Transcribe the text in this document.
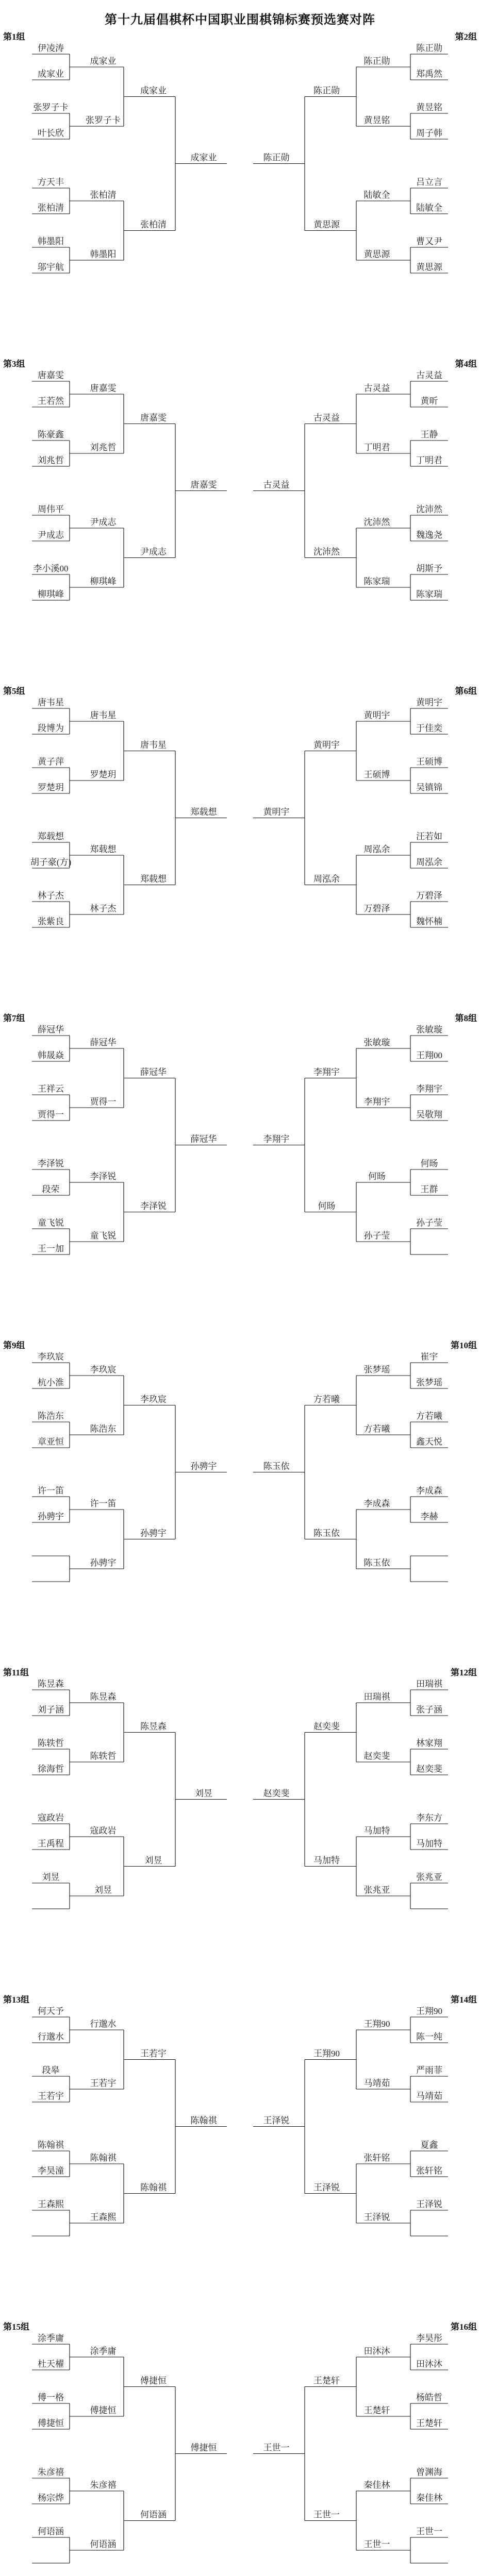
第十九届倡棋杯中国职业围棋锦标赛预选赛对阵
第1组
伊凌涛
成家业
张罗子卡
叶长欣
方天丰
张柏清
韩墨阳
邬宇航
成家业
张罗子卡
张柏清
韩墨阳
成家业
张柏清
成家业
第2组
陈正勋
郑禹然
黄昱铭
周子韩
吕立言
陆敏全
曹又尹
黄思源
陈正勋
黄昱铭
陆敏全
黄思源
陈正勋
黄思源
陈正勋
第3组
唐嘉雯
王若然
陈豪鑫
刘兆哲
周伟平
尹成志
李小溪00
柳琪峰
唐嘉雯
刘兆哲
尹成志
柳琪峰
唐嘉雯
尹成志
唐嘉雯
第4组
古灵益
黄昕
王静
丁明君
沈沛然
魏逸尧
胡斯予
陈家瑞
古灵益
丁明君
沈沛然
陈家瑞
古灵益
沈沛然
古灵益
第5组
唐韦星
段博为
黄子萍
罗楚玥
郑载想
胡子豪(方)
林子杰
张紫良
唐韦星
罗楚玥
郑载想
林子杰
唐韦星
郑载想
郑载想
第6组
黄明宇
于佳奕
王硕博
吴镇锦
汪若如
周泓余
万碧泽
魏怀楠
黄明宇
王硕博
周泓余
万碧泽
黄明宇
周泓余
黄明宇
第7组
薛冠华
韩晟焱
王祥云
贾得一
李泽锐
段荣
童飞锐
王一加
薛冠华
贾得一
李泽锐
童飞锐
薛冠华
李泽锐
薛冠华
第8组
张敏璇
王翔00
李翔宇
吴敬翔
何旸
王群
孙子莹
张敏璇
李翔宇
何旸
孙子莹
李翔宇
何旸
李翔宇
第9组
李玖宸
杭小淮
陈浩东
章亚恒
许一笛
孙骋宇
李玖宸
陈浩东
许一笛
孙骋宇
李玖宸
孙骋宇
孙骋宇
第10组
崔宇
张梦瑶
方若曦
鑫天悦
李成森
李赫
张梦瑶
方若曦
李成森
陈玉依
方若曦
陈玉依
陈玉依
第11组
陈昱森
刘子涵
陈轶哲
徐海哲
寇政岩
王禹程
刘昱
陈昱森
陈轶哲
寇政岩
刘昱
陈昱森
刘昱
刘昱
第12组
田瑞祺
张子涵
林家翔
赵奕斐
李东方
马加特
张兆亚
田瑞祺
赵奕斐
马加特
张兆亚
赵奕斐
马加特
赵奕斐
第13组
何天予
行邈水
段皋
王若宇
陈翰祺
李昊潼
王森熙
行邈水
王若宇
陈翰祺
王森熙
王若宇
陈翰祺
陈翰祺
第14组
王翔90
陈一纯
严雨菲
马靖茹
夏鑫
张轩铭
王泽锐
王翔90
马靖茹
张轩铭
王泽锐
王翔90
王泽锐
王泽锐
第15组
涂季庸
杜天櫂
傅一格
傅捷恒
朱彦禧
杨宗烨
何语涵
涂季庸
傅捷恒
朱彦禧
何语涵
傅捷恒
何语涵
傅捷恒
第16组
李昊彤
田沐沐
杨皓哲
王楚轩
曾渊海
秦佳林
王世一
田沐沐
王楚轩
秦佳林
王世一
王楚轩
王世一
王世一
